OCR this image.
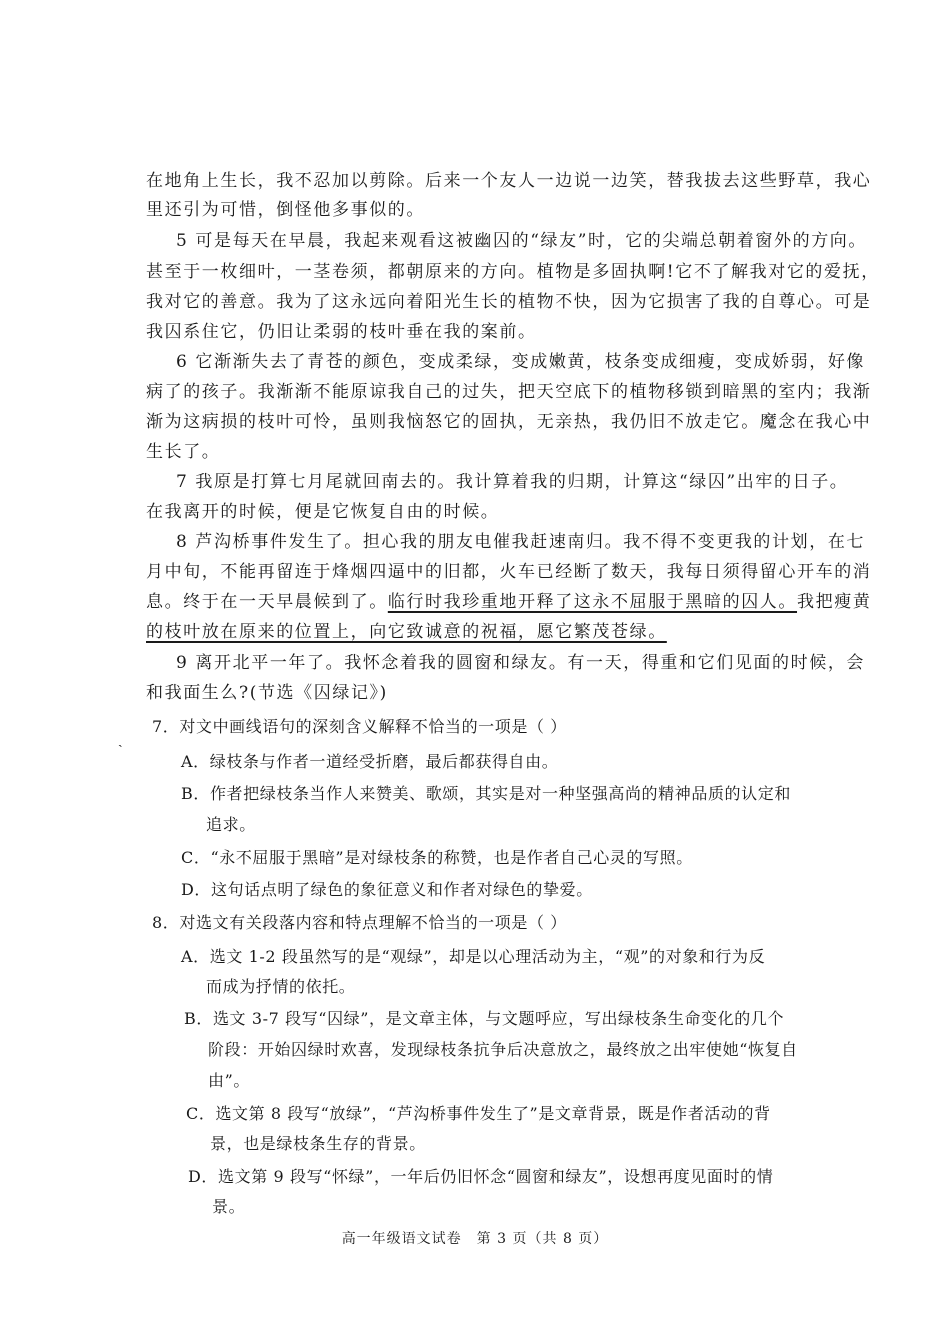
在地角上生长，我不忍加以剪除。后来一个友人一边说一边笑，替我拔去这些野草，我心
里还引为可惜，倒怪他多事似的。
5 可是每天在早晨，我起来观看这被幽囚的“绿友”时，它的尖端总朝着窗外的方向。
甚至于一枚细叶，一茎卷须，都朝原来的方向。植物是多固执啊!它不了解我对它的爱抚，
我对它的善意。我为了这永远向着阳光生长的植物不快，因为它损害了我的自尊心。可是
我囚系住它，仍旧让柔弱的枝叶垂在我的案前。
6 它渐渐失去了青苍的颜色，变成柔绿，变成嫩黄，枝条变成细瘦，变成娇弱，好像
病了的孩子。我渐渐不能原谅我自己的过失，把天空底下的植物移锁到暗黑的室内；我渐
渐为这病损的枝叶可怜，虽则我恼怒它的固执，无亲热，我仍旧不放走它。魔念在我心中
生长了。
7 我原是打算七月尾就回南去的。我计算着我的归期，计算这“绿囚”出牢的日子。
在我离开的时候，便是它恢复自由的时候。
8 芦沟桥事件发生了。担心我的朋友电催我赶速南归。我不得不变更我的计划，在七
月中旬，不能再留连于烽烟四逼中的旧都，火车已经断了数天，我每日须得留心开车的消
息。终于在一天早晨候到了。临行时我珍重地开释了这永不屈服于黑暗的囚人。我把瘦黄
的枝叶放在原来的位置上，向它致诚意的祝福，愿它繁茂苍绿。
9 离开北平一年了。我怀念着我的圆窗和绿友。有一天，得重和它们见面的时候，会
和我面生么?(节选《囚绿记》)
7．对文中画线语句的深刻含义解释不恰当的一项是（ ）
A．绿枝条与作者一道经受折磨，最后都获得自由。
B．作者把绿枝条当作人来赞美、歌颂，其实是对一种坚强高尚的精神品质的认定和
追求。
C．“永不屈服于黑暗”是对绿枝条的称赞，也是作者自己心灵的写照。
D．这句话点明了绿色的象征意义和作者对绿色的挚爱。
8．对选文有关段落内容和特点理解不恰当的一项是（ ）
A．选文 1-2 段虽然写的是“观绿”，却是以心理活动为主，“观”的对象和行为反
而成为抒情的依托。
B．选文 3-7 段写“囚绿”，是文章主体，与文题呼应，写出绿枝条生命变化的几个
阶段：开始囚绿时欢喜，发现绿枝条抗争后决意放之，最终放之出牢使她“恢复自
由”。
C．选文第 8 段写“放绿”，“芦沟桥事件发生了”是文章背景，既是作者活动的背
景，也是绿枝条生存的背景。
D．选文第 9 段写“怀绿”，一年后仍旧怀念“圆窗和绿友”，设想再度见面时的情
景。
高一年级语文试卷　第 3 页（共 8 页）
ˏ
